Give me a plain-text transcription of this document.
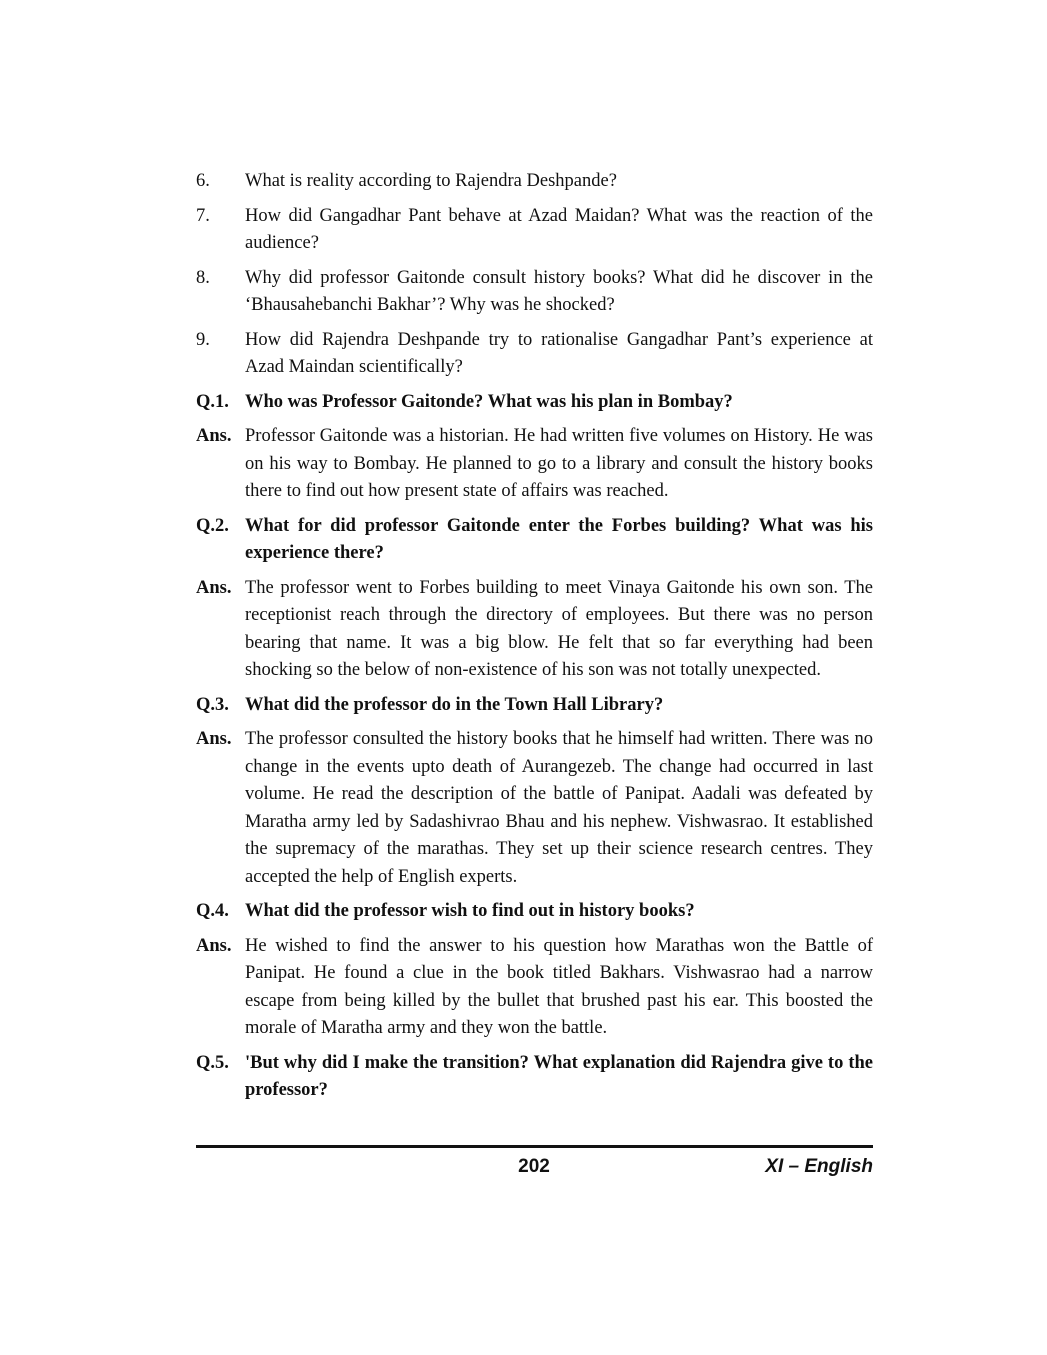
6.	What is reality according to Rajendra Deshpande?
7.	How did Gangadhar Pant behave at Azad Maidan? What was the reaction of the audience?
8.	Why did professor Gaitonde consult history books? What did he discover in the ‘Bhausahebanchi Bakhar’? Why was he shocked?
9.	How did Rajendra Deshpande try to rationalise Gangadhar Pant’s experience at Azad Maindan scientifically?
Q.1. Who was Professor Gaitonde? What was his plan in Bombay?
Ans. Professor Gaitonde was a historian. He had written five volumes on History. He was on his way to Bombay. He planned to go to a library and consult the history books there to find out how present state of affairs was reached.
Q.2. What for did professor Gaitonde enter the Forbes building? What was his experience there?
Ans. The professor went to Forbes building to meet Vinaya Gaitonde his own son. The receptionist reach through the directory of employees. But there was no person bearing that name. It was a big blow. He felt that so far everything had been shocking so the below of non-existence of his son was not totally unexpected.
Q.3. What did the professor do in the Town Hall Library?
Ans. The professor consulted the history books that he himself had written. There was no change in the events upto death of Aurangezeb. The change had occurred in last volume. He read the description of the battle of Panipat. Aadali was defeated by Maratha army led by Sadashivrao Bhau and his nephew. Vishwasrao. It established the supremacy of the marathas. They set up their science research centres. They accepted the help of English experts.
Q.4. What did the professor wish to find out in history books?
Ans. He wished to find the answer to his question how Marathas won the Battle of Panipat. He found a clue in the book titled Bakhars. Vishwasrao had a narrow escape from being killed by the bullet that brushed past his ear. This boosted the morale of Maratha army and they won the battle.
Q.5. 'But why did I make the transition? What explanation did Rajendra give to the professor?
202	XI – English
